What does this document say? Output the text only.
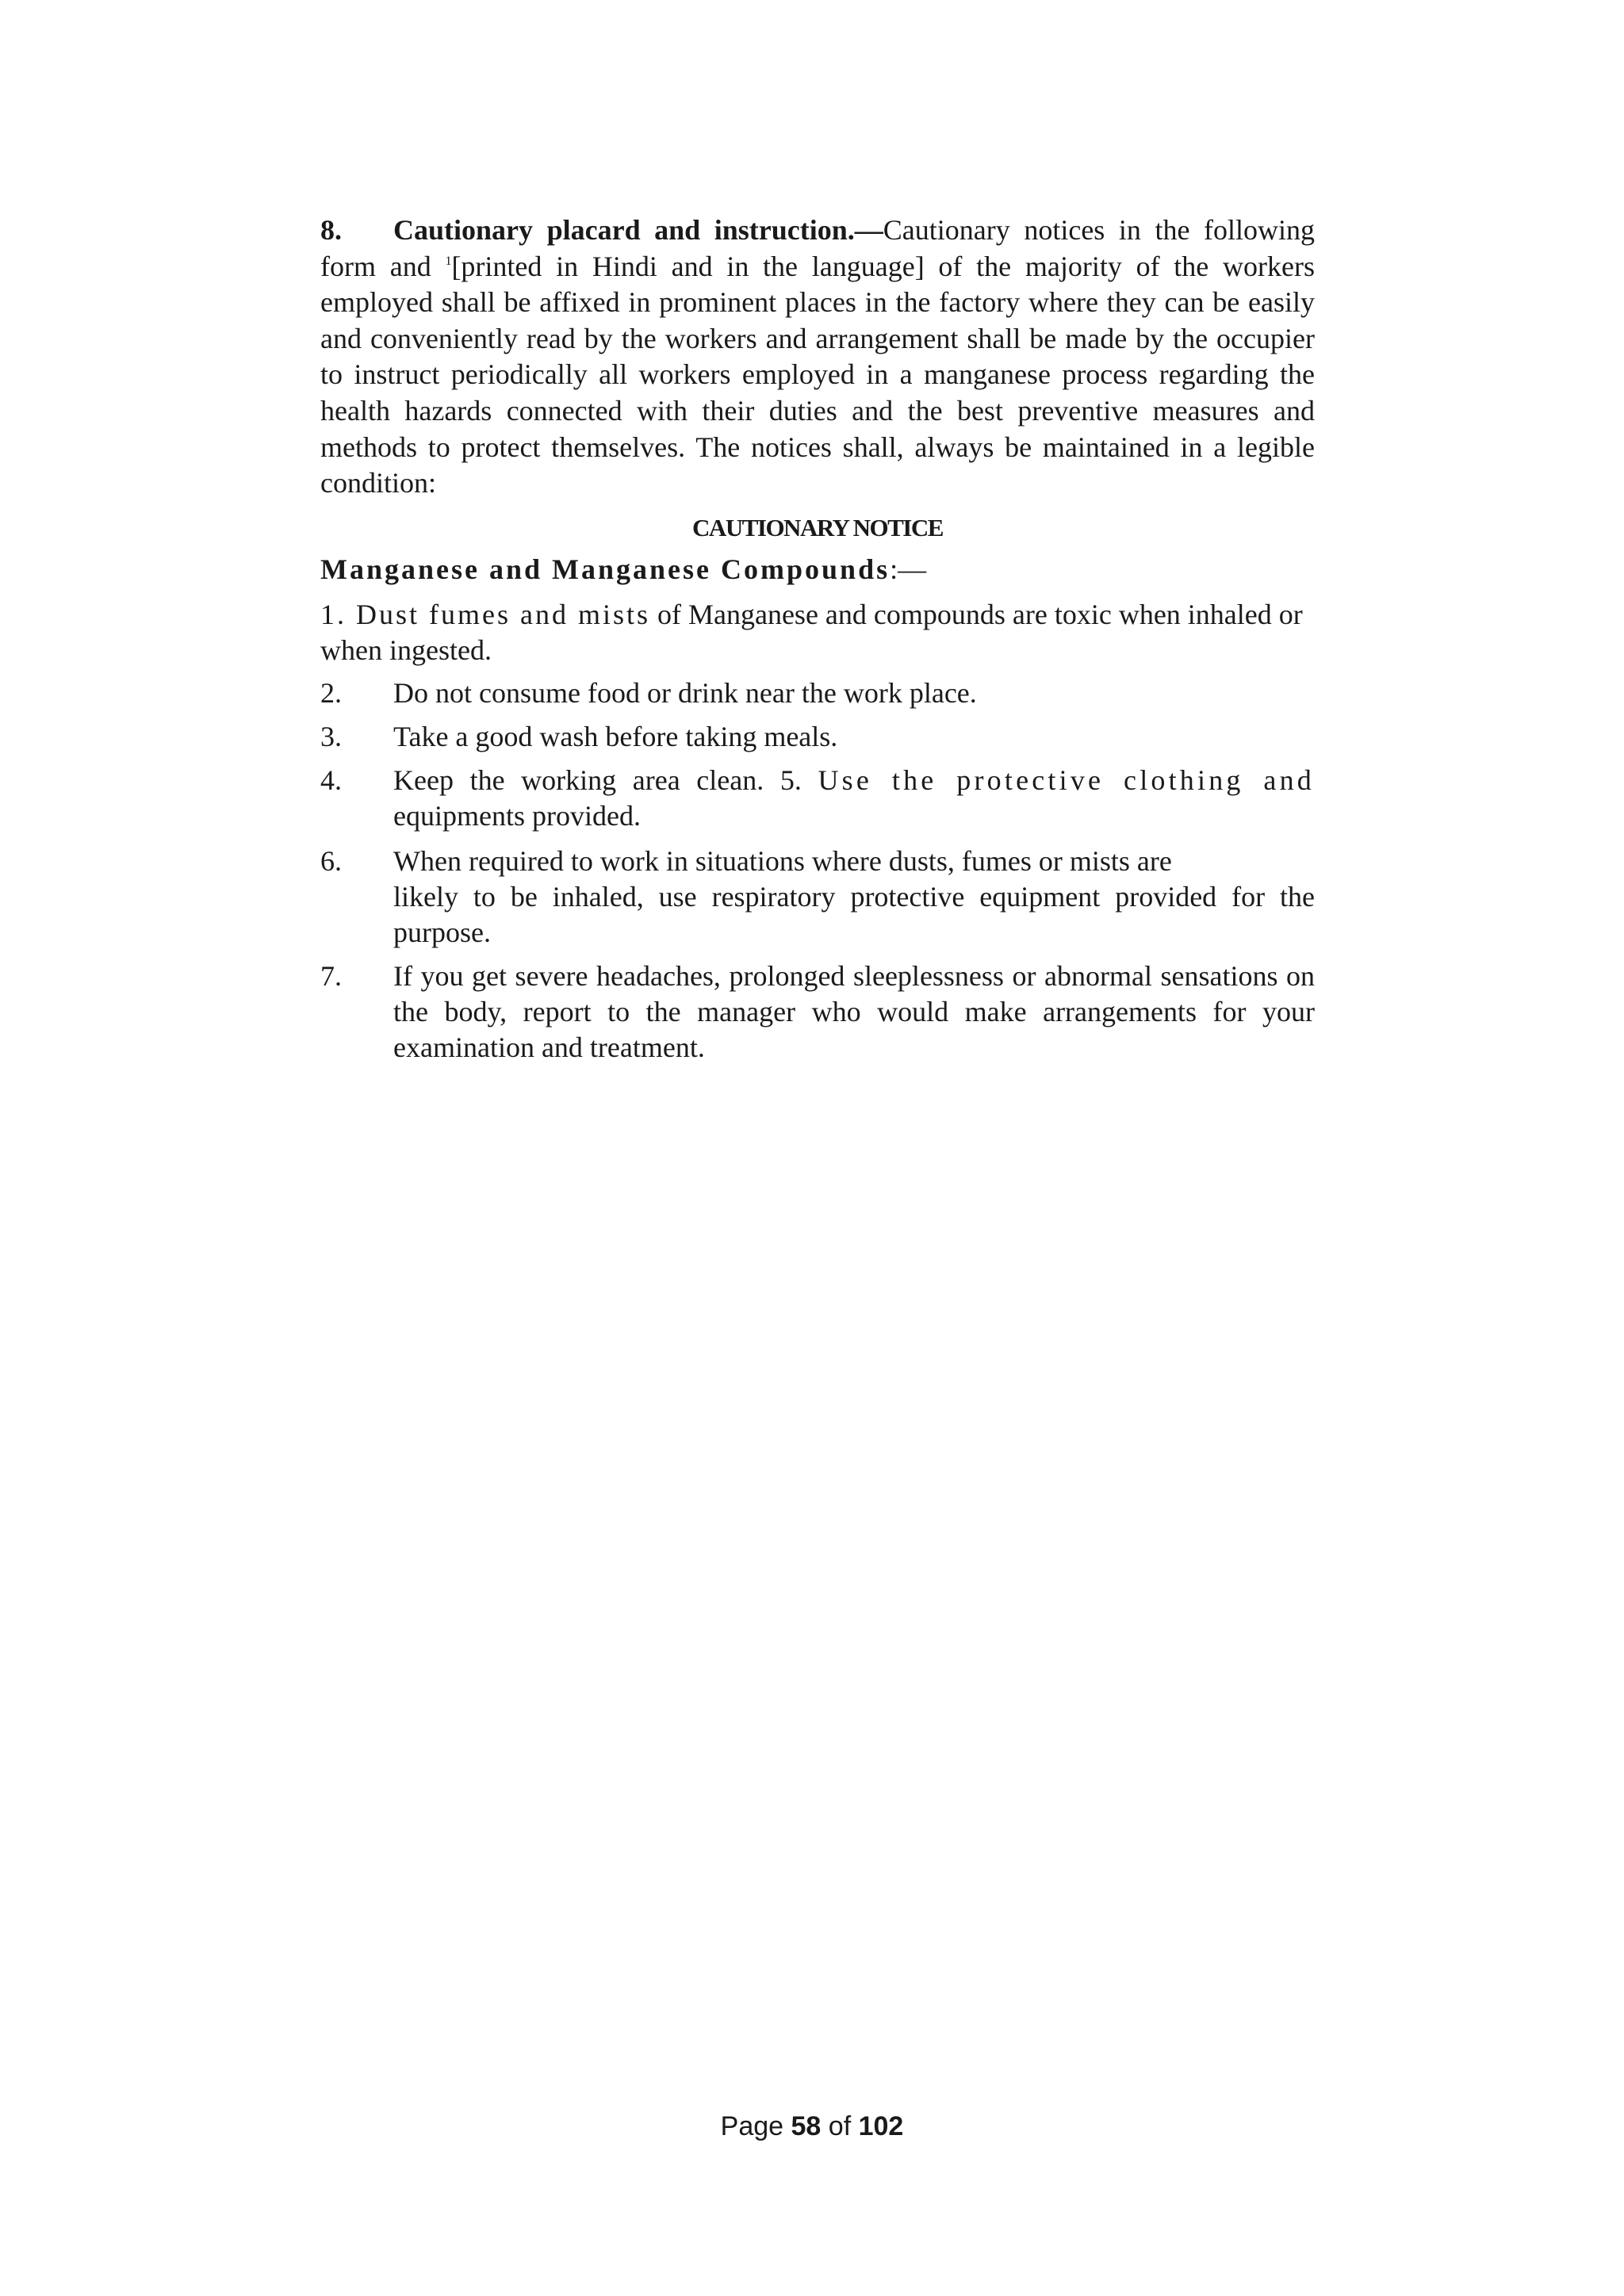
8. Cautionary placard and instruction.—Cautionary notices in the following form and $^1$[printed in Hindi and in the language] of the majority of the workers employed shall be affixed in prominent places in the factory where they can be easily and conveniently read by the workers and arrangement shall be made by the occupier to instruct periodically all workers employed in a manganese process regarding the health hazards connected with their duties and the best preventive measures and methods to protect themselves. The notices shall, always be maintained in a legible condition:

CAUTIONARY NOTICE
Manganese and Manganese Compounds:—

1. Dust fumes and mists of Manganese and compounds are toxic when inhaled or when ingested.

2. Do not consume food or drink near the work place.
3. Take a good wash before taking meals.
4. Keep the working area clean. 5. Use the protective clothing and
equipments provided.
6. When required to work in situations where dusts, fumes or mists are
likely to be inhaled, use respiratory protective equipment provided for the
purpose.
7. If you get severe headaches, prolonged sleeplessness or abnormal sensations on the body, report to the manager who would make arrangements for your examination and treatment.
Page 58 of 102
